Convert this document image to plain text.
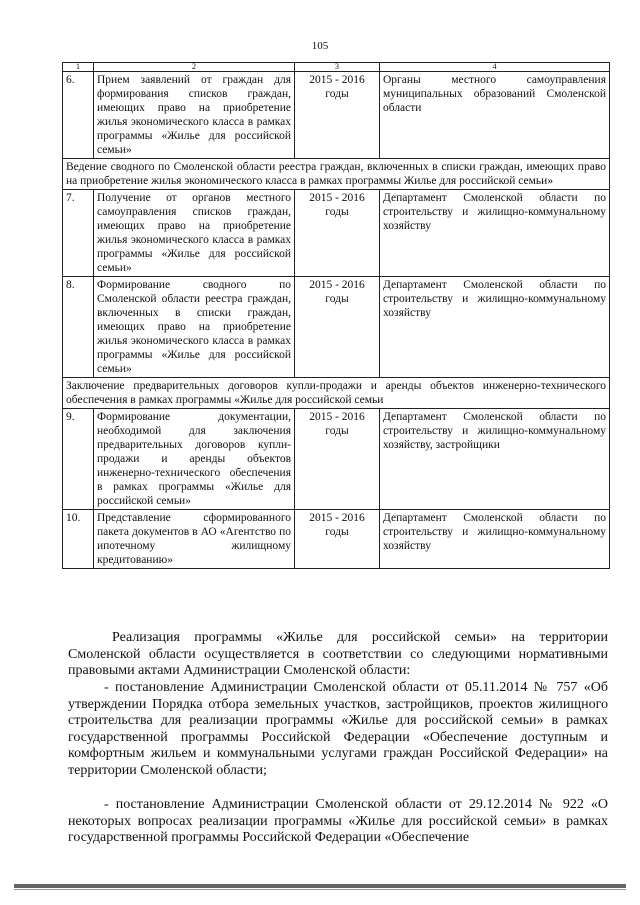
105
1	2	3	4
6.	Прием заявлений от граждан для формирования списков граждан, имеющих право на приобретение жилья экономического класса в рамках программы «Жилье для российской семьи»	2015 - 2016 годы	Органы местного самоуправления муниципальных образований Смоленской области
Ведение сводного по Смоленской области реестра граждан, включенных в списки граждан, имеющих право на приобретение жилья экономического класса в рамках программы Жилье для российской семьи»			
7.	Получение от органов местного самоуправления списков граждан, имеющих право на приобретение жилья экономического класса в рамках программы «Жилье для российской семьи»	2015 - 2016 годы	Департамент Смоленской области по строительству и жилищно-коммунальному хозяйству
8.	Формирование сводного по Смоленской области реестра граждан, включенных в списки граждан, имеющих право на приобретение жилья экономического класса в рамках программы «Жилье для российской семьи»	2015 - 2016 годы	Департамент Смоленской области по строительству и жилищно-коммунальному хозяйству
Заключение предварительных договоров купли-продажи и аренды объектов инженерно-технического обеспечения в рамках программы «Жилье для российской семьи			
9.	Формирование документации, необходимой для заключения предварительных договоров купли-продажи и аренды объектов инженерно-технического обеспечения в рамках программы «Жилье для российской семьи»	2015 - 2016 годы	Департамент Смоленской области по строительству и жилищно-коммунальному хозяйству, застройщики
10.	Представление сформированного пакета документов в АО «Агентство по ипотечному жилищному кредитованию»	2015 - 2016 годы	Департамент Смоленской области по строительству и жилищно-коммунальному хозяйству
Реализация программы «Жилье для российской семьи» на территории Смоленской области осуществляется в соответствии со следующими нормативными правовыми актами Администрации Смоленской области:
- постановление Администрации Смоленской области от 05.11.2014 № 757 «Об утверждении Порядка отбора земельных участков, застройщиков, проектов жилищного строительства для реализации программы «Жилье для российской семьи» в рамках государственной программы Российской Федерации «Обеспечение доступным и комфортным жильем и коммунальными услугами граждан Российской Федерации» на территории Смоленской области;
- постановление Администрации Смоленской области от 29.12.2014 № 922 «О некоторых вопросах реализации программы «Жилье для российской семьи» в рамках государственной программы Российской Федерации «Обеспечение
